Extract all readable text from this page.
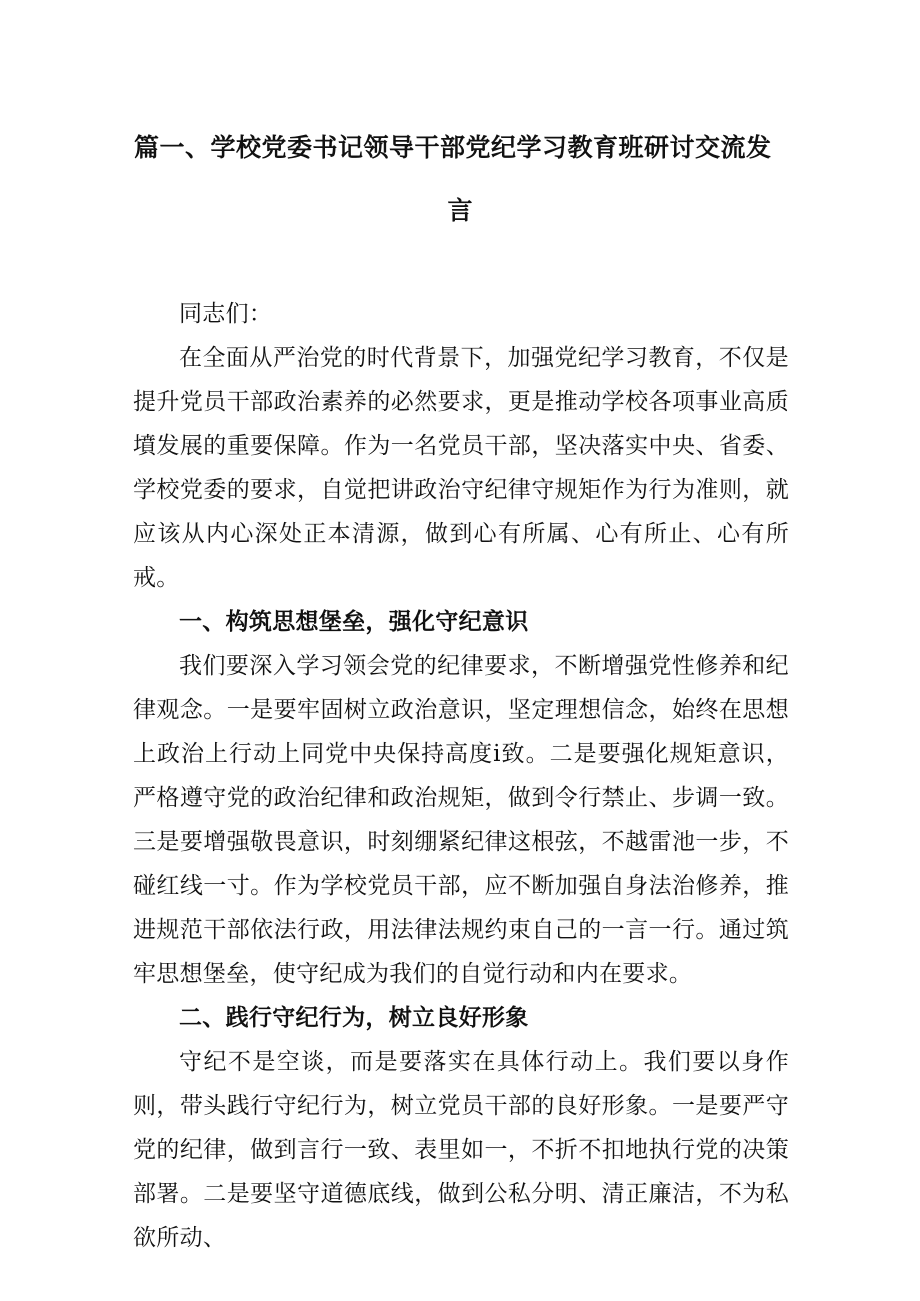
篇一、学校党委书记领导干部党纪学习教育班研讨交流发
言

同志们：

在全面从严治党的时代背景下，加强党纪学习教育，不仅是提升党员干部政治素养的必然要求，更是推动学校各项事业高质墳发展的重要保障。作为一名党员干部，坚决落实中央、省委、学校党委的要求，自觉把讲政治守纪律守规矩作为行为准则，就应该从内心深处正本清源，做到心有所属、心有所止、心有所戒。

一、构筑思想堡垒，强化守纪意识

我们要深入学习领会党的纪律要求，不断增强党性修养和纪律观念。一是要牢固树立政治意识，坚定理想信念，始终在思想上政治上行动上同党中央保持高度i致。二是要强化规矩意识，严格遵守党的政治纪律和政治规矩，做到令行禁止、步调一致。三是要增强敬畏意识，时刻绷紧纪律这根弦，不越雷池一步，不碰红线一寸。作为学校党员干部，应不断加强自身法治修养，推进规范干部依法行政，用法律法规约束自己的一言一行。通过筑牢思想堡垒，使守纪成为我们的自觉行动和内在要求。

二、践行守纪行为，树立良好形象

守纪不是空谈，而是要落实在具体行动上。我们要以身作则，带头践行守纪行为，树立党员干部的良好形象。一是要严守党的纪律，做到言行一致、表里如一，不折不扣地执行党的决策部署。二是要坚守道德底线，做到公私分明、清正廉洁，不为私欲所动、
